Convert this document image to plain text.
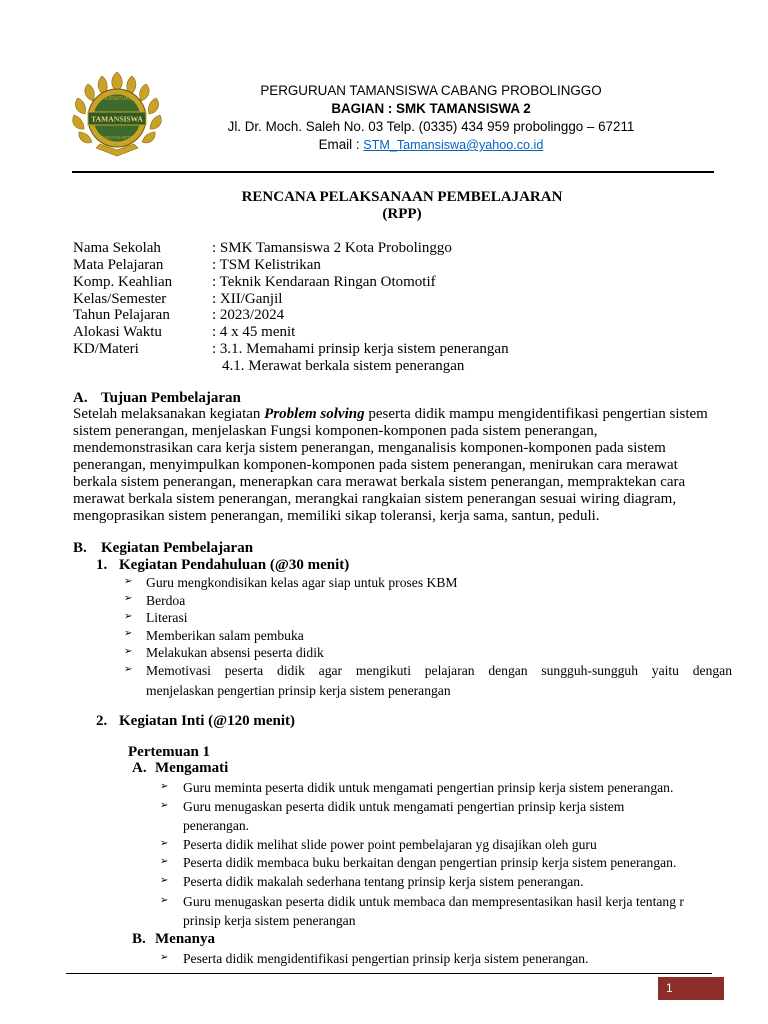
PERSATUAN
TAMANSISWA
YOGYAKARTA
PERGURUAN TAMANSISWA CABANG PROBOLINGGO
BAGIAN : SMK TAMANSISWA 2
Jl. Dr. Moch. Saleh No. 03 Telp. (0335) 434 959 probolinggo – 67211
Email : STM_Tamansiswa@yahoo.co.id
RENCANA PELAKSANAAN PEMBELAJARAN
(RPP)
Nama Sekolah	: SMK Tamansiswa 2 Kota Probolinggo
Mata Pelajaran	: TSM Kelistrikan
Komp. Keahlian	: Teknik Kendaraan Ringan Otomotif
Kelas/Semester	: XII/Ganjil
Tahun Pelajaran	: 2023/2024
Alokasi Waktu	: 4 x 45 menit
KD/Materi	: 3.1. Memahami prinsip kerja sistem penerangan
4.1. Merawat berkala sistem penerangan
A. Tujuan Pembelajaran
Setelah melaksanakan kegiatan Problem solving peserta didik mampu mengidentifikasi pengertian sistem
sistem penerangan, menjelaskan Fungsi komponen-komponen pada sistem penerangan,
mendemonstrasikan cara kerja sistem penerangan, menganalisis komponen-komponen pada sistem
penerangan, menyimpulkan komponen-komponen pada sistem penerangan, menirukan cara merawat
berkala sistem penerangan, menerapkan cara merawat berkala sistem penerangan, mempraktekan cara
merawat berkala sistem penerangan, merangkai rangkaian sistem penerangan sesuai wiring diagram,
mengoprasikan sistem penerangan, memiliki sikap toleransi, kerja sama, santun, peduli.
B. Kegiatan Pembelajaran
1. Kegiatan Pendahuluan (@30 menit)
➢ Guru mengkondisikan kelas agar siap untuk proses KBM
➢ Berdoa
➢ Literasi
➢ Memberikan salam pembuka
➢ Melakukan absensi peserta didik
➢ Memotivasi peserta didik agar mengikuti pelajaran dengan sungguh-sungguh yaitu dengan
menjelaskan pengertian prinsip kerja sistem penerangan
2. Kegiatan Inti (@120 menit)
Pertemuan 1
A. Mengamati
➢ Guru meminta peserta didik untuk mengamati pengertian prinsip kerja sistem penerangan.
➢ Guru menugaskan peserta didik untuk mengamati pengertian prinsip kerja sistem
penerangan.
➢ Peserta didik melihat slide power point pembelajaran yg disajikan oleh guru
➢ Peserta didik membaca buku berkaitan dengan pengertian prinsip kerja sistem penerangan.
➢ Peserta didik makalah sederhana tentang prinsip kerja sistem penerangan.
➢ Guru menugaskan peserta didik untuk membaca dan mempresentasikan hasil kerja tentang r
prinsip kerja sistem penerangan
B. Menanya
➢ Peserta didik mengidentifikasi pengertian prinsip kerja sistem penerangan.
1
